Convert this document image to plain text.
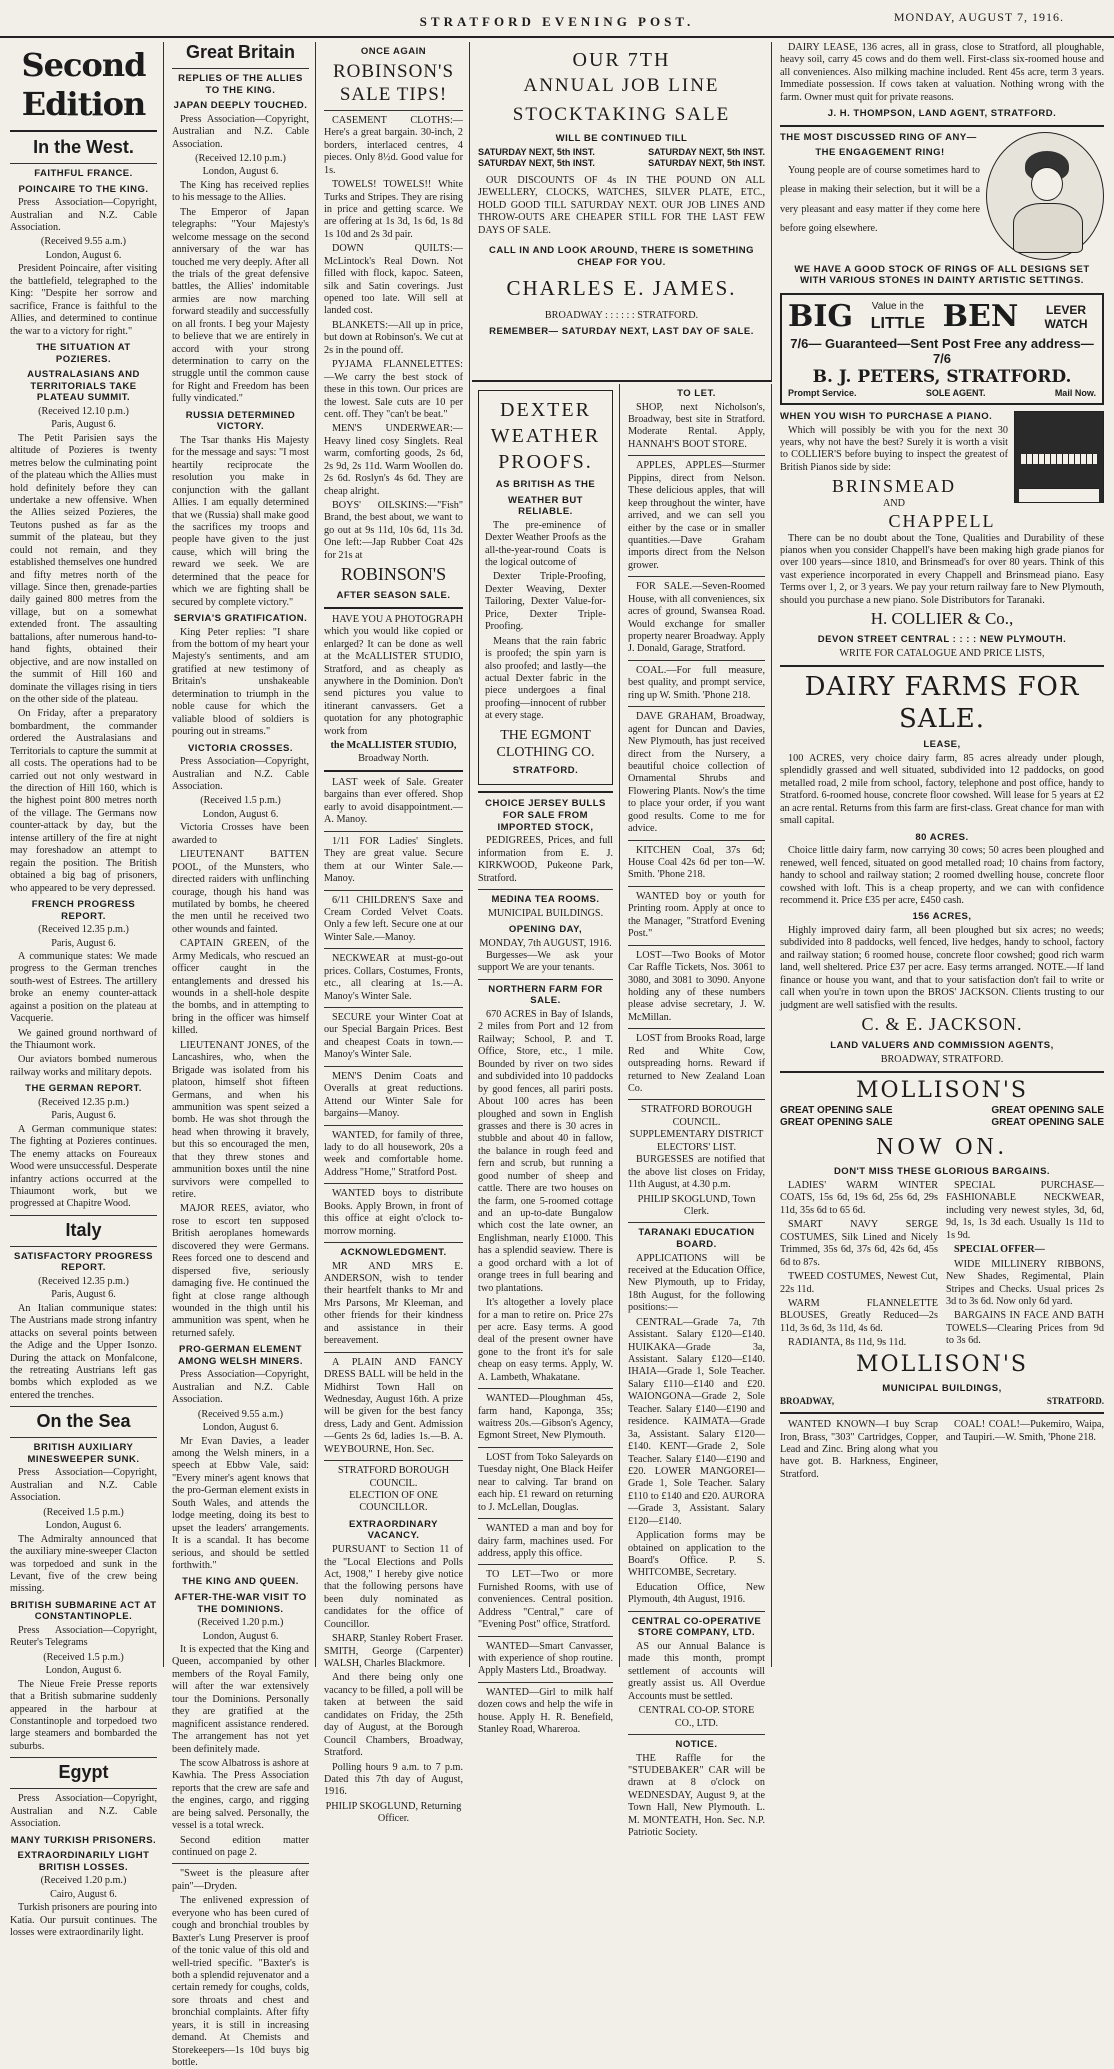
STRATFORD EVENING POST.	MONDAY, AUGUST 7, 1916.
Second Edition
In the West.
FAITHFUL FRANCE.
POINCAIRE TO THE KING.

Press Association—Copyright, Australian and N.Z. Cable Association.

(Received 9.55 a.m.)
London, August 6.

President Poincaire, after visiting the battlefield, telegraphed to the King: "Despite her sorrow and sacrifice, France is faithful to the Allies, and determined to continue the war to a victory for right."

THE SITUATION AT POZIERES.
AUSTRALASIANS AND TERRITORIALS TAKE PLATEAU SUMMIT.
(Received 12.10 p.m.)
Paris, August 6.

The Petit Parisien says the altitude of Pozieres is twenty metres below the culminating point of the plateau which the Allies must hold definitely before they can undertake a new offensive. When the Allies seized Pozieres, the Teutons pushed as far as the summit of the plateau, but they could not remain, and they established themselves one hundred and fifty metres north of the village. Since then, grenade-parties daily gained 800 metres from the village, but on a somewhat extended front. The assaulting battalions, after numerous hand-to-hand fights, obtained their objective, and are now installed on the summit of Hill 160 and dominate the villages rising in tiers on the other side of the plateau.

On Friday, after a preparatory bombardment, the commander ordered the Australasians and Territorials to capture the summit at all costs. The operations had to be carried out not only westward in the direction of Hill 160, which is the highest point 800 metres north of the village. The Germans now counter-attack by day, but the intense artillery of the fire at night may foreshadow an attempt to regain the position. The British obtained a big bag of prisoners, who appeared to be very depressed.

FRENCH PROGRESS REPORT.
(Received 12.35 p.m.)
Paris, August 6.

A communique states: We made progress to the German trenches south-west of Estrees. The artillery broke an enemy counter-attack against a position on the plateau at Vacquerie.

We gained ground northward of the Thiaumont work.

Our aviators bombed numerous railway works and military depots.

THE GERMAN REPORT.
(Received 12.35 p.m.)
Paris, August 6.

A German communique states: The fighting at Pozieres continues. The enemy attacks on Foureaux Wood were unsuccessful. Desperate infantry actions occurred at the Thiaumont work, but we progressed at Chapitre Wood.

Italy
SATISFACTORY PROGRESS REPORT.
(Received 12.35 p.m.)
Paris, August 6.

An Italian communique states: The Austrians made strong infantry attacks on several points between the Adige and the Upper Isonzo. During the attack on Monfalcone, the retreating Austrians left gas bombs which exploded as we entered the trenches.

On the Sea
BRITISH AUXILIARY MINESWEEPER SUNK.

Press Association—Copyright, Australian and N.Z. Cable Association.

(Received 1.5 p.m.)
London, August 6.

The Admiralty announced that the auxiliary mine-sweeper Clacton was torpedoed and sunk in the Levant, five of the crew being missing.

BRITISH SUBMARINE ACT AT CONSTANTINOPLE.

Press Association—Copyright, Reuter's Telegrams

(Received 1.5 p.m.)
London, August 6.

The Nieue Freie Presse reports that a British submarine suddenly appeared in the harbour at Constantinople and torpedoed two large steamers and bombarded the suburbs.

Egypt

Press Association—Copyright, Australian and N.Z. Cable Association.

MANY TURKISH PRISONERS.
EXTRAORDINARILY LIGHT BRITISH LOSSES.
(Received 1.20 p.m.)
Cairo, August 6.

Turkish prisoners are pouring into Katia. Our pursuit continues. The losses were extraordinarily light.

Great Britain
REPLIES OF THE ALLIES TO THE KING.
JAPAN DEEPLY TOUCHED.

Press Association—Copyright, Australian and N.Z. Cable Association.

(Received 12.10 p.m.)
London, August 6.

The King has received replies to his message to the Allies.

The Emperor of Japan telegraphs: "Your Majesty's welcome message on the second anniversary of the war has touched me very deeply. After all the trials of the great defensive battles, the Allies' indomitable armies are now marching forward steadily and successfully on all fronts. I beg your Majesty to believe that we are entirely in accord with your strong determination to carry on the struggle until the common cause for Right and Freedom has been fully vindicated."

RUSSIA DETERMINED VICTORY.

The Tsar thanks His Majesty for the message and says: "I most heartily reciprocate the resolution you make in conjunction with the gallant Allies. I am equally determined that we (Russia) shall make good the sacrifices my troops and people have given to the just cause, which will bring the reward we seek. We are determined that the peace for which we are fighting shall be secured by complete victory."

SERVIA'S GRATIFICATION.

King Peter replies: "I share from the bottom of my heart your Majesty's sentiments, and am gratified at new testimony of Britain's unshakeable determination to triumph in the noble cause for which the valiable blood of soldiers is pouring out in streams."

VICTORIA CROSSES.

Press Association—Copyright, Australian and N.Z. Cable Association.

(Received 1.5 p.m.)
London, August 6.

Victoria Crosses have been awarded to

LIEUTENANT BATTEN POOL, of the Munsters, who directed raiders with unflinching courage, though his hand was mutilated by bombs, he cheered the men until he received two other wounds and fainted.

CAPTAIN GREEN, of the Army Medicals, who rescued an officer caught in the entanglements and dressed his wounds in a shell-hole despite the bombs, and in attempting to bring in the officer was himself killed.

LIEUTENANT JONES, of the Lancashires, who, when the Brigade was isolated from his platoon, himself shot fifteen Germans, and when his ammunition was spent seized a bomb. He was shot through the head when throwing it bravely, but this so encouraged the men, that they threw stones and ammunition boxes until the nine survivors were compelled to retire.

MAJOR REES, aviator, who rose to escort ten supposed British aeroplanes homewards discovered they were Germans. Rees forced one to descend and dispersed five, seriously damaging five. He continued the fight at close range although wounded in the thigh until his ammunition was spent, when he returned safely.

PRO-GERMAN ELEMENT AMONG WELSH MINERS.

Press Association—Copyright, Australian and N.Z. Cable Association.

(Received 9.55 a.m.)
London, August 6.

Mr Evan Davies, a leader among the Welsh miners, in a speech at Ebbw Vale, said: "Every miner's agent knows that the pro-German element exists in South Wales, and attends the lodge meeting, doing its best to upset the leaders' arrangements. It is a scandal. It has become serious, and should be settled forthwith."

THE KING AND QUEEN.
AFTER-THE-WAR VISIT TO THE DOMINIONS.
(Received 1.20 p.m.)
London, August 6.

It is expected that the King and Queen, accompanied by other members of the Royal Family, will after the war extensively tour the Dominions. Personally they are gratified at the magnificent assistance rendered. The arrangement has not yet been definitely made.

The scow Albatross is ashore at Kawhia. The Press Association reports that the crew are safe and the engines, cargo, and rigging are being salved. Personally, the vessel is a total wreck.

Second edition matter continued on page 2.

"Sweet is the pleasure after pain"—Dryden.

The enlivened expression of everyone who has been cured of cough and bronchial troubles by Baxter's Lung Preserver is proof of the tonic value of this old and well-tried specific. "Baxter's is both a splendid rejuvenator and a certain remedy for coughs, colds, sore throats and chest and bronchial complaints. After fifty years, it is still in increasing demand. At Chemists and Storekeepers—1s 10d buys big bottle.

ONCE AGAIN
ROBINSON'S SALE TIPS!

CASEMENT CLOTHS:—Here's a great bargain. 30-inch, 2 borders, interlaced centres, 4 pieces. Only 8½d. Good value for 1s.

TOWELS! TOWELS!! White Turks and Stripes. They are rising in price and getting scarce. We are offering at 1s 3d, 1s 6d, 1s 8d 1s 10d and 2s 3d pair.

DOWN QUILTS:—McLintock's Real Down. Not filled with flock, kapoc. Sateen, silk and Satin coverings. Just opened too late. Will sell at landed cost.

BLANKETS:—All up in price, but down at Robinson's. We cut at 2s in the pound off.

PYJAMA FLANNELETTES:—We carry the best stock of these in this town. Our prices are the lowest. Sale cuts are 10 per cent. off. They "can't be beat."

MEN'S UNDERWEAR:—Heavy lined cosy Singlets. Real warm, comforting goods, 2s 6d, 2s 9d, 2s 11d. Warm Woollen do. 2s 6d. Roslyn's 4s 6d. They are cheap alright.

BOYS' OILSKINS:—"Fish" Brand, the best about, we want to go out at 9s 11d, 10s 6d, 11s 3d. One left:—Jap Rubber Coat 42s for 21s at

ROBINSON'S
AFTER SEASON SALE.

HAVE YOU A PHOTOGRAPH which you would like copied or enlarged? It can be done as well at the McALLISTER STUDIO, Stratford, and as cheaply as anywhere in the Dominion. Don't send pictures you value to itinerant canvassers. Get a quotation for any photographic work from

the McALLISTER STUDIO,
Broadway North.

LAST week of Sale. Greater bargains than ever offered. Shop early to avoid disappointment.—A. Manoy.

1/11 FOR Ladies' Singlets. They are great value. Secure them at our Winter Sale.—Manoy.

6/11 CHILDREN'S Saxe and Cream Corded Velvet Coats. Only a few left. Secure one at our Winter Sale.—Manoy.

NECKWEAR at must-go-out prices. Collars, Costumes, Fronts, etc., all clearing at 1s.—A. Manoy's Winter Sale.

SECURE your Winter Coat at our Special Bargain Prices. Best and cheapest Coats in town.—Manoy's Winter Sale.

MEN'S Denim Coats and Overalls at great reductions. Attend our Winter Sale for bargains—Manoy.

WANTED, for family of three, lady to do all housework, 20s a week and comfortable home. Address "Home," Stratford Post.

WANTED boys to distribute Books. Apply Brown, in front of this office at eight o'clock to-morrow morning.

ACKNOWLEDGMENT.

MR AND MRS E. ANDERSON, wish to tender their heartfelt thanks to Mr and Mrs Parsons, Mr Kleeman, and other friends for their kindness and assistance in their bereavement.

A PLAIN AND FANCY DRESS BALL will be held in the Midhirst Town Hall on Wednesday, August 16th. A prize will be given for the best fancy dress, Lady and Gent. Admission—Gents 2s 6d, ladies 1s.—B. A. WEYBOURNE, Hon. Sec.

STRATFORD BOROUGH COUNCIL.
ELECTION OF ONE COUNCILLOR.
EXTRAORDINARY VACANCY.

PURSUANT to Section 11 of the "Local Elections and Polls Act, 1908," I hereby give notice that the following persons have been duly nominated as candidates for the office of Councillor.

SHARP, Stanley Robert Fraser. SMITH, George (Carpenter) WALSH, Charles Blackmore.

And there being only one vacancy to be filled, a poll will be taken at between the said candidates on Friday, the 25th day of August, at the Borough Council Chambers, Broadway, Stratford.

Polling hours 9 a.m. to 7 p.m. Dated this 7th day of August, 1916.

PHILIP SKOGLUND, Returning Officer.
OUR 7TH
ANNUAL JOB LINE STOCKTAKING SALE
WILL BE CONTINUED TILL
SATURDAY NEXT, 5th INST.	SATURDAY NEXT, 5th INST.
SATURDAY NEXT, 5th INST.	SATURDAY NEXT, 5th INST.

OUR DISCOUNTS OF 4s IN THE POUND ON ALL JEWELLERY, CLOCKS, WATCHES, SILVER PLATE, ETC., HOLD GOOD TILL SATURDAY NEXT. OUR JOB LINES AND THROW-OUTS ARE CHEAPER STILL FOR THE LAST FEW DAYS OF SALE.

CALL IN AND LOOK AROUND, THERE IS SOMETHING CHEAP FOR YOU.
CHARLES E. JAMES.
BROADWAY : : : : : : STRATFORD.
REMEMBER— SATURDAY NEXT, LAST DAY OF SALE.
DEXTER WEATHER PROOFS.
AS BRITISH AS THE
WEATHER BUT RELIABLE.

The pre-eminence of Dexter Weather Proofs as the all-the-year-round Coats is the logical outcome of

Dexter Triple-Proofing, Dexter Weaving, Dexter Tailoring, Dexter Value-for-Price, Dexter Triple-Proofing.

Means that the rain fabric is proofed; the spin yarn is also proofed; and lastly—the actual Dexter fabric in the piece undergoes a final proofing—innocent of rubber at every stage.

THE EGMONT CLOTHING CO.
STRATFORD.
CHOICE JERSEY BULLS FOR SALE FROM IMPORTED STOCK,

PEDIGREES, Prices, and full information from E. J. KIRKWOOD, Pukeone Park, Stratford.

MEDINA TEA ROOMS.
MUNICIPAL BUILDINGS.
OPENING DAY,
MONDAY, 7th AUGUST, 1916.

Burgesses—We ask your support We are your tenants.

NORTHERN FARM FOR SALE.

670 ACRES in Bay of Islands, 2 miles from Port and 12 from Railway; School, P. and T. Office, Store, etc., 1 mile. Bounded by river on two sides and subdivided into 10 paddocks by good fences, all pariri posts. About 100 acres has been ploughed and sown in English grasses and there is 30 acres in stubble and about 40 in fallow, the balance in rough feed and fern and scrub, but running a good number of sheep and cattle. There are two houses on the farm, one 5-roomed cottage and an up-to-date Bungalow which cost the late owner, an Englishman, nearly £1000. This has a splendid seaview. There is a good orchard with a lot of orange trees in full bearing and two plantations.

It's altogether a lovely place for a man to retire on. Price 27s per acre. Easy terms. A good deal of the present owner have gone to the front it's for sale cheap on easy terms. Apply, W. A. Lambeth, Whakatane.

WANTED—Ploughman 45s, farm hand, Kaponga, 35s; waitress 20s.—Gibson's Agency, Egmont Street, New Plymouth.

LOST from Toko Saleyards on Tuesday night, One Black Heifer near to calving. Tar brand on each hip. £1 reward on returning to J. McLellan, Douglas.

WANTED a man and boy for dairy farm, machines used. For address, apply this office.

TO LET—Two or more Furnished Rooms, with use of conveniences. Central position. Address "Central," care of "Evening Post" office, Stratford.

WANTED—Smart Canvasser, with experience of shop routine. Apply Masters Ltd., Broadway.

WANTED—Girl to milk half dozen cows and help the wife in house. Apply H. R. Benefield, Stanley Road, Whareroa.

TO LET.

SHOP, next Nicholson's, Broadway, best site in Stratford. Moderate Rental. Apply, HANNAH'S BOOT STORE.

APPLES, APPLES—Sturmer Pippins, direct from Nelson. These delicious apples, that will keep throughout the winter, have arrived, and we can sell you either by the case or in smaller quantities.—Dave Graham imports direct from the Nelson grower.

FOR SALE.—Seven-Roomed House, with all conveniences, six acres of ground, Swansea Road. Would exchange for smaller property nearer Broadway. Apply J. Donald, Garage, Stratford.

COAL.—For full measure, best quality, and prompt service, ring up W. Smith. 'Phone 218.

DAVE GRAHAM, Broadway, agent for Duncan and Davies, New Plymouth, has just received direct from the Nursery, a beautiful choice collection of Ornamental Shrubs and Flowering Plants. Now's the time to place your order, if you want good results. Come to me for advice.

KITCHEN Coal, 37s 6d; House Coal 42s 6d per ton—W. Smith. 'Phone 218.

WANTED boy or youth for Printing room. Apply at once to the Manager, "Stratford Evening Post."

LOST—Two Books of Motor Car Raffle Tickets, Nos. 3061 to 3080, and 3081 to 3090. Anyone holding any of these numbers please advise secretary, J. W. McMillan.

LOST from Brooks Road, large Red and White Cow, outspreading horns. Reward if returned to New Zealand Loan Co.

STRATFORD BOROUGH COUNCIL.
SUPPLEMENTARY DISTRICT ELECTORS' LIST.

BURGESSES are notified that the above list closes on Friday, 11th August, at 4.30 p.m.

PHILIP SKOGLUND, Town Clerk.
TARANAKI EDUCATION BOARD.

APPLICATIONS will be received at the Education Office, New Plymouth, up to Friday, 18th August, for the following positions:—

CENTRAL—Grade 7a, 7th Assistant. Salary £120—£140. HUIKAKA—Grade 3a, Assistant. Salary £120—£140. IHAIA—Grade 1, Sole Teacher. Salary £110—£140 and £20. WAIONGONA—Grade 2, Sole Teacher. Salary £140—£190 and residence. KAIMATA—Grade 3a, Assistant. Salary £120—£140. KENT—Grade 2, Sole Teacher. Salary £140—£190 and £20. LOWER MANGOREI—Grade 1, Sole Teacher. Salary £110 to £140 and £20. AURORA—Grade 3, Assistant. Salary £120—£140.

Application forms may be obtained on application to the Board's Office. P. S. WHITCOMBE, Secretary.

Education Office, New Plymouth, 4th August, 1916.

CENTRAL CO-OPERATIVE STORE COMPANY, LTD.

AS our Annual Balance is made this month, prompt settlement of accounts will greatly assist us. All Overdue Accounts must be settled.

CENTRAL CO-OP. STORE CO., LTD.
NOTICE.

THE Raffle for the "STUDEBAKER" CAR will be drawn at 8 o'clock on WEDNESDAY, August 9, at the Town Hall, New Plymouth. L. M. MONTEATH, Hon. Sec. N.P. Patriotic Society.

DAIRY LEASE, 136 acres, all in grass, close to Stratford, all ploughable, heavy soil, carry 45 cows and do them well. First-class six-roomed house and all conveniences. Also milking machine included. Rent 45s acre, term 3 years. Immediate possession. If cows taken at valuation. Nothing wrong with the farm. Owner must quit for private reasons.

J. H. THOMPSON, LAND AGENT, STRATFORD.
THE MOST DISCUSSED RING OF ANY—
THE ENGAGEMENT RING!

Young people are of course sometimes hard to please in making their selection, but it will be a very pleasant and easy matter if they come here before going elsewhere.

WE HAVE A GOOD STOCK OF RINGS OF ALL DESIGNS SET WITH VARIOUS STONES IN DAINTY ARTISTIC SETTINGS.
BIG Value in the
LITTLE BEN	LEVER WATCH
7/6— Guaranteed—Sent Post Free any address—7/6
B. J. PETERS, STRATFORD.
Prompt Service.	SOLE AGENT.	Mail Now.
WHEN YOU WISH TO PURCHASE A PIANO.

Which will possibly be with you for the next 30 years, why not have the best? Surely it is worth a visit to COLLIER'S before buying to inspect the greatest of British Pianos side by side:

BRINSMEAD
AND
CHAPPELL

There can be no doubt about the Tone, Qualities and Durability of these pianos when you consider Chappell's have been making high grade pianos for over 100 years—since 1810, and Brinsmead's for over 80 years. Think of this vast experience incorporated in every Chappell and Brinsmead piano. Easy Terms over 1, 2, or 3 years. We pay your return railway fare to New Plymouth, should you purchase a new piano. Sole Distributors for Taranaki.

H. COLLIER & Co.,
DEVON STREET CENTRAL : : : : NEW PLYMOUTH.
WRITE FOR CATALOGUE AND PRICE LISTS,
DAIRY FARMS FOR SALE.
LEASE,

100 ACRES, very choice dairy farm, 85 acres already under plough, splendidly grassed and well situated, subdivided into 12 paddocks, on good metalled road, 2 mile from school, factory, telephone and post office, handy to Stratford. 6-roomed house, concrete floor cowshed. Will lease for 5 years at £2 an acre rental. Returns from this farm are first-class. Great chance for man with small capital.

80 ACRES.

Choice little dairy farm, now carrying 30 cows; 50 acres been ploughed and renewed, well fenced, situated on good metalled road; 10 chains from factory, handy to school and railway station; 2 roomed dwelling house, concrete floor cowshed with loft. This is a cheap property, and we can with confidence recommend it. Price £35 per acre, £450 cash.

156 ACRES,

Highly improved dairy farm, all been ploughed but six acres; no weeds; subdivided into 8 paddocks, well fenced, live hedges, handy to school, factory and railway station; 6 roomed house, concrete floor cowshed; good rich warm land, well sheltered. Price £37 per acre. Easy terms arranged. NOTE.—If land finance or house you want, and that to your satisfaction don't fail to write or call when you're in town upon the BROS' JACKSON. Clients trusting to our judgment are well satisfied with the results.

C. & E. JACKSON.
LAND VALUERS AND COMMISSION AGENTS,
BROADWAY, STRATFORD.
MOLLISON'S
GREAT OPENING SALE	GREAT OPENING SALE
GREAT OPENING SALE	GREAT OPENING SALE
NOW ON.
DON'T MISS THESE GLORIOUS BARGAINS.

LADIES' WARM WINTER COATS, 15s 6d, 19s 6d, 25s 6d, 29s 11d, 35s 6d to 65 6d.

SMART NAVY SERGE COSTUMES, Silk Lined and Nicely Trimmed, 35s 6d, 37s 6d, 42s 6d, 45s 6d to 87s.

TWEED COSTUMES, Newest Cut, 22s 11d.

WARM FLANNELETTE BLOUSES, Greatly Reduced—2s 11d, 3s 6d, 3s 11d, 4s 6d.

RADIANTA, 8s 11d, 9s 11d.

SPECIAL PURCHASE—FASHIONABLE NECKWEAR, including very newest styles, 3d, 6d, 9d, 1s, 1s 3d each. Usually 1s 11d to 1s 9d.

SPECIAL OFFER—

WIDE MILLINERY RIBBONS, New Shades, Regimental, Plain Stripes and Checks. Usual prices 2s 3d to 3s 6d. Now only 6d yard.

BARGAINS IN FACE AND BATH TOWELS—Clearing Prices from 9d to 3s 6d.

MOLLISON'S
MUNICIPAL BUILDINGS,
BROADWAY,	STRATFORD.

WANTED KNOWN—I buy Scrap Iron, Brass, "303" Cartridges, Copper, Lead and Zinc. Bring along what you have got. B. Harkness, Engineer, Stratford.

COAL! COAL!—Pukemiro, Waipa, and Taupiri.—W. Smith, 'Phone 218.
